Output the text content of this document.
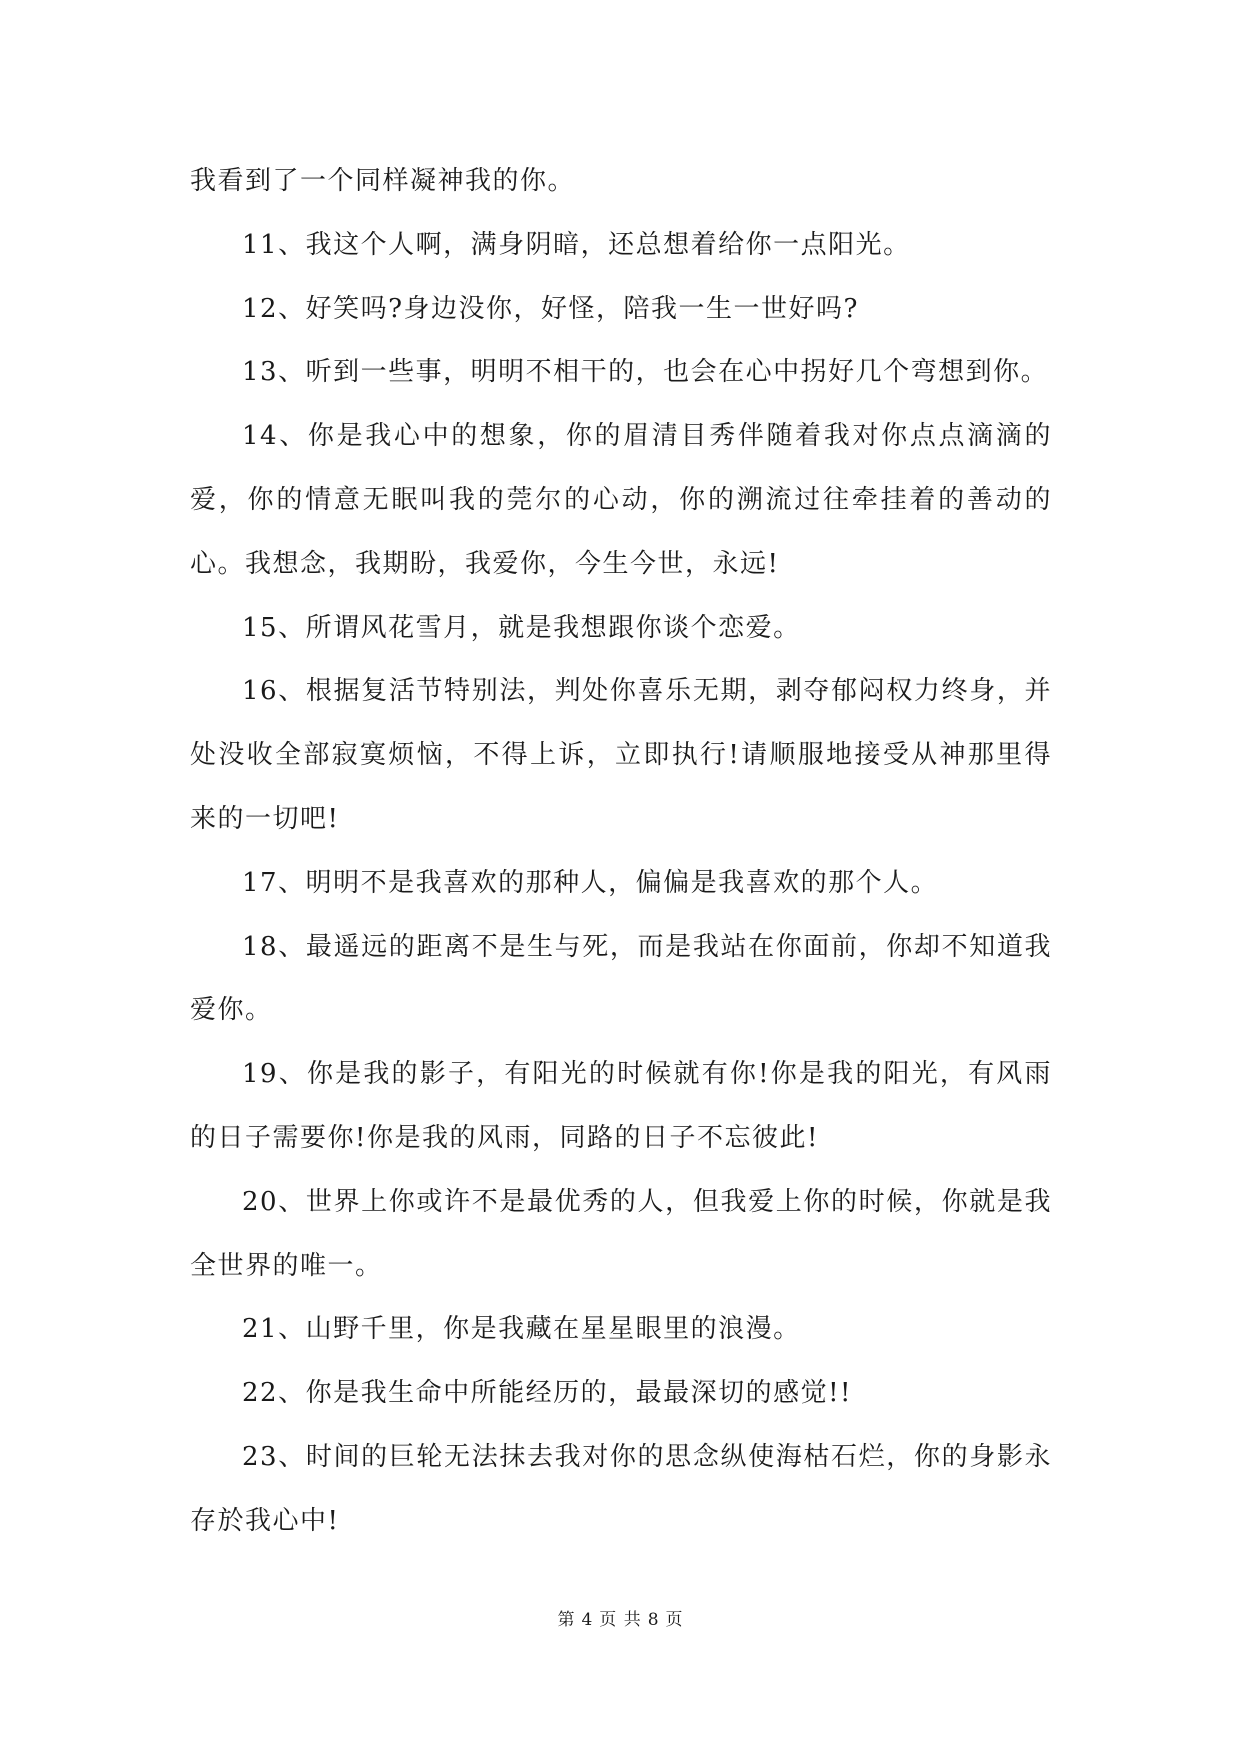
我看到了一个同样凝神我的你。

11、我这个人啊，满身阴暗，还总想着给你一点阳光。

12、好笑吗?身边没你，好怪，陪我一生一世好吗?

13、听到一些事，明明不相干的，也会在心中拐好几个弯想到你。

14、你是我心中的想象，你的眉清目秀伴随着我对你点点滴滴的爱，你的情意无眠叫我的莞尔的心动，你的溯流过往牵挂着的善动的心。我想念，我期盼，我爱你，今生今世，永远!

15、所谓风花雪月，就是我想跟你谈个恋爱。

16、根据复活节特别法，判处你喜乐无期，剥夺郁闷权力终身，并处没收全部寂寞烦恼，不得上诉，立即执行!请顺服地接受从神那里得来的一切吧!

17、明明不是我喜欢的那种人，偏偏是我喜欢的那个人。

18、最遥远的距离不是生与死，而是我站在你面前，你却不知道我爱你。

19、你是我的影子，有阳光的时候就有你!你是我的阳光，有风雨的日子需要你!你是我的风雨，同路的日子不忘彼此!

20、世界上你或许不是最优秀的人，但我爱上你的时候，你就是我全世界的唯一。

21、山野千里，你是我藏在星星眼里的浪漫。

22、你是我生命中所能经历的，最最深切的感觉!!

23、时间的巨轮无法抹去我对你的思念纵使海枯石烂，你的身影永存於我心中!

第 4 页 共 8 页
